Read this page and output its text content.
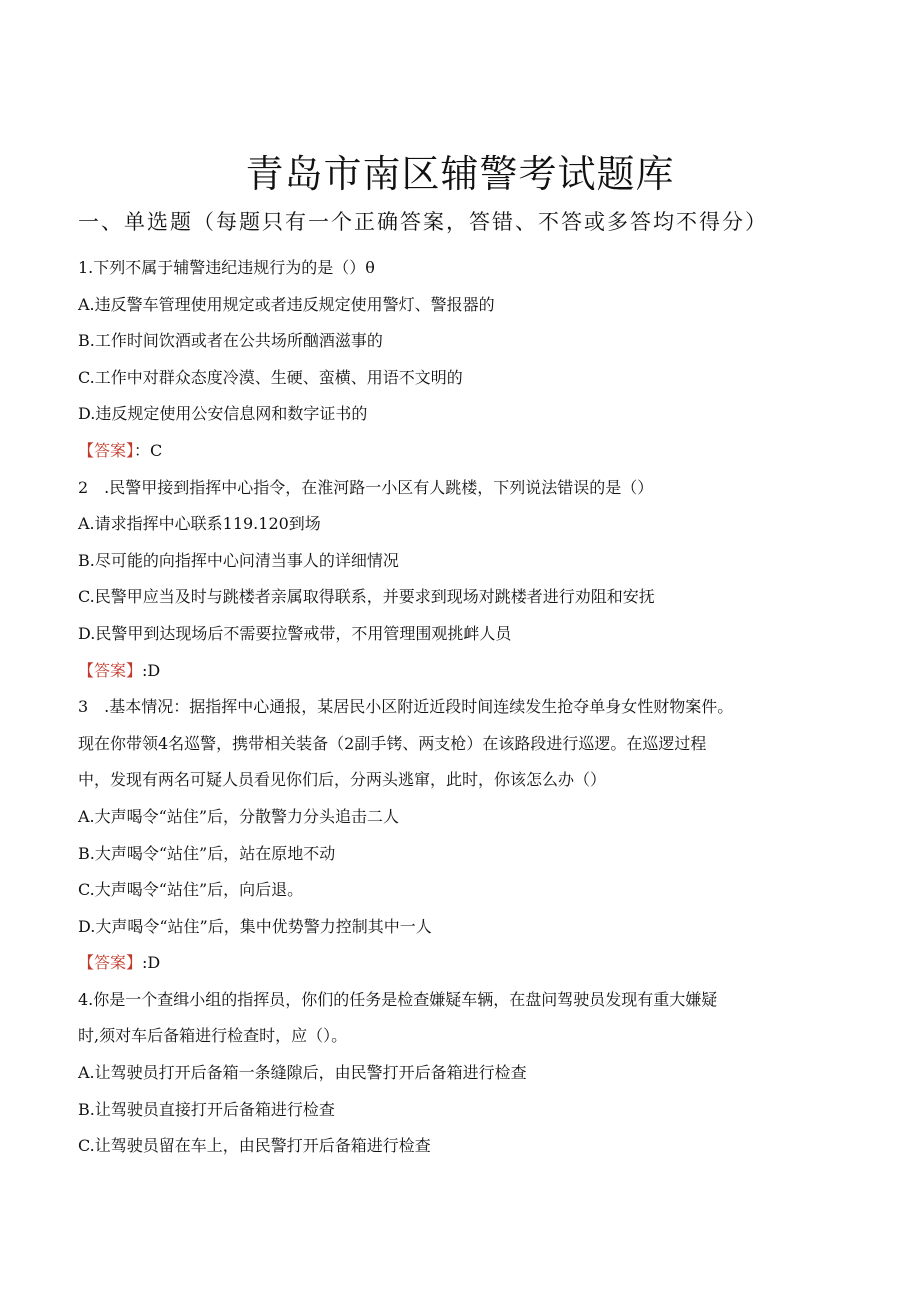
青岛市南区辅警考试题库
一、单选题（每题只有一个正确答案，答错、不答或多答均不得分）
1.下列不属于辅警违纪违规行为的是（）θ
A.违反警车管理使用规定或者违反规定使用警灯、警报器的
B.工作时间饮酒或者在公共场所酗酒滋事的
C.工作中对群众态度冷漠、生硬、蛮横、用语不文明的
D.违反规定使用公安信息网和数字证书的
【答案】：C
2　.民警甲接到指挥中心指令，在淮河路一小区有人跳楼，下列说法错误的是（）
A.请求指挥中心联系119.120到场
B.尽可能的向指挥中心问清当事人的详细情况
C.民警甲应当及时与跳楼者亲属取得联系，并要求到现场对跳楼者进行劝阻和安抚
D.民警甲到达现场后不需要拉警戒带，不用管理围观挑衅人员
【答案】:D
3　.基本情况：据指挥中心通报，某居民小区附近近段时间连续发生抢夺单身女性财物案件。
现在你带领4名巡警，携带相关装备（2副手铐、两支枪）在该路段进行巡逻。在巡逻过程
中，发现有两名可疑人员看见你们后，分两头逃窜，此时，你该怎么办（）
A.大声喝令“站住”后，分散警力分头追击二人
B.大声喝令“站住”后，站在原地不动
C.大声喝令“站住”后，向后退。
D.大声喝令“站住”后，集中优势警力控制其中一人
【答案】:D
4.你是一个查缉小组的指挥员，你们的任务是检查嫌疑车辆，在盘问驾驶员发现有重大嫌疑
时,须对车后备箱进行检查时，应（）。
A.让驾驶员打开后备箱一条缝隙后，由民警打开后备箱进行检查
B.让驾驶员直接打开后备箱进行检查
C.让驾驶员留在车上，由民警打开后备箱进行检查
